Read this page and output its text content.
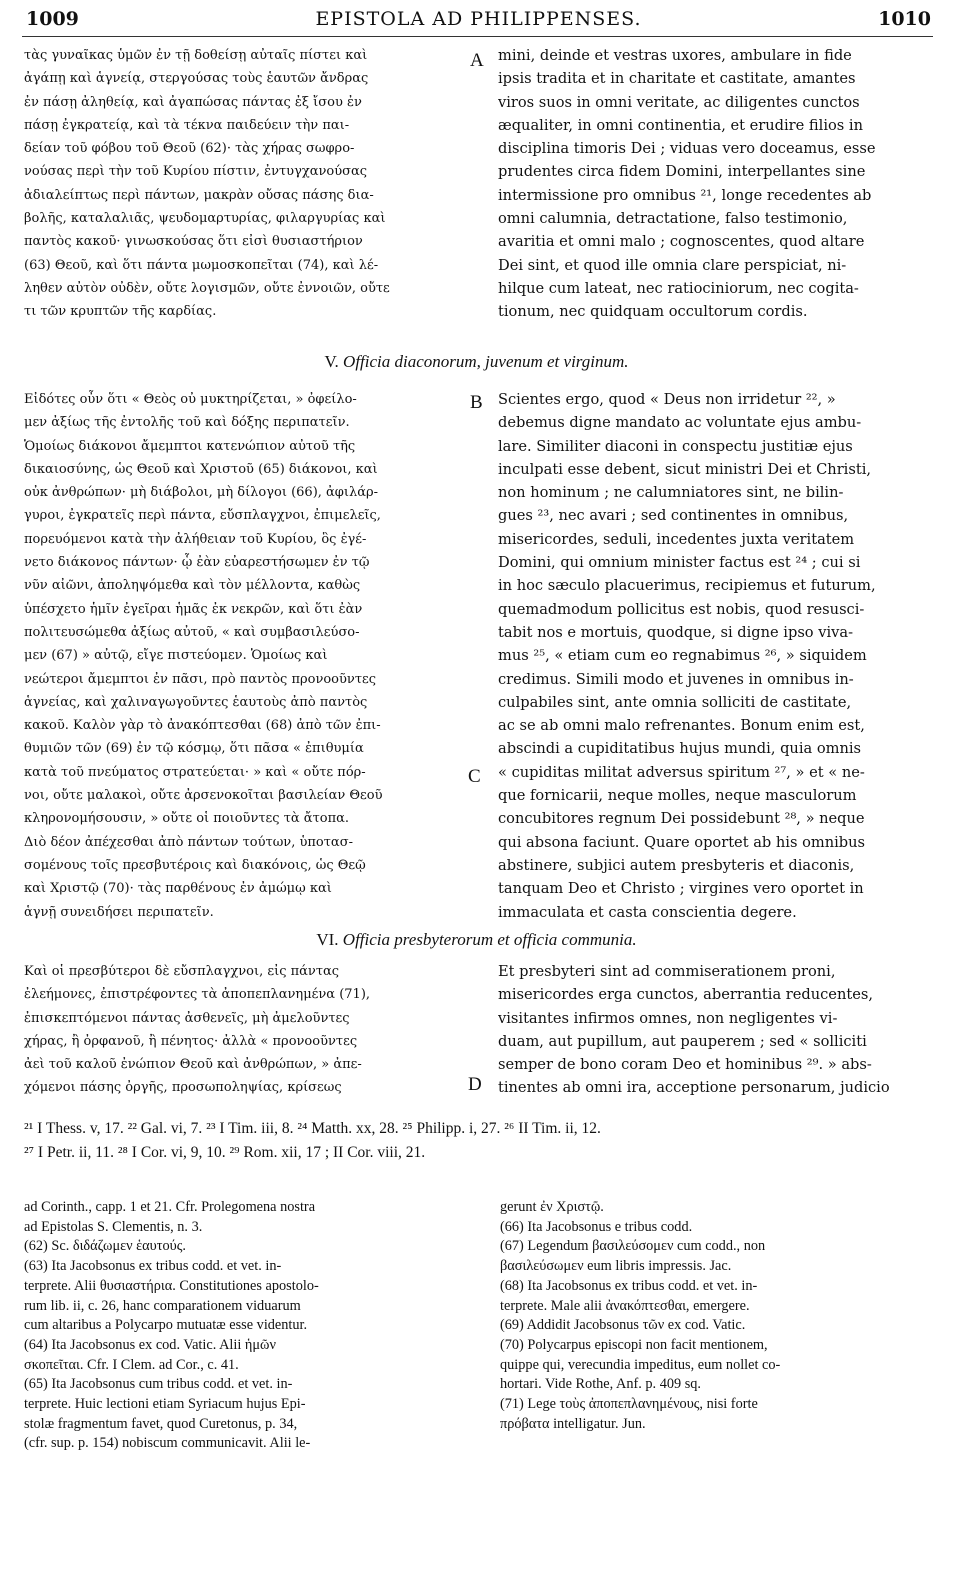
1009	EPISTOLA AD PHILIPPENSES.	1010
τὰς γυναῖκας ὑμῶν ἐν τῇ δοθείσῃ αὐταῖς πίστει καὶ
ἀγάπῃ καὶ ἁγνείᾳ, στεργούσας τοὺς ἑαυτῶν ἄνδρας
ἐν πάσῃ ἀληθείᾳ, καὶ ἀγαπώσας πάντας ἐξ ἴσου ἐν
πάσῃ ἐγκρατείᾳ, καὶ τὰ τέκνα παιδεύειν τὴν παι-
δείαν τοῦ φόβου τοῦ Θεοῦ (62)· τὰς χήρας σωφρο-
νούσας περὶ τὴν τοῦ Κυρίου πίστιν, ἐντυγχανούσας
ἀδιαλείπτως περὶ πάντων, μακρὰν οὔσας πάσης δια-
βολῆς, καταλαλιᾶς, ψευδομαρτυρίας, φιλαργυρίας καὶ
παντὸς κακοῦ· γινωσκούσας ὅτι εἰσὶ θυσιαστήριον
(63) Θεοῦ, καὶ ὅτι πάντα μωμοσκοπεῖται (74), καὶ λέ-
ληθεν αὐτὸν οὐδὲν, οὔτε λογισμῶν, οὔτε ἐννοιῶν, οὔτε
τι τῶν κρυπτῶν τῆς καρδίας.
mini, deinde et vestras uxores, ambulare in fide
ipsis tradita et in charitate et castitate, amantes
viros suos in omni veritate, ac diligentes cunctos
æqualiter, in omni continentia, et erudire filios in
disciplina timoris Dei ; viduas vero doceamus, esse
prudentes circa fidem Domini, interpellantes sine
intermissione pro omnibus ²¹, longe recedentes ab
omni calumnia, detractatione, falso testimonio,
avaritia et omni malo ; cognoscentes, quod altare
Dei sint, et quod ille omnia clare perspiciat, ni-
hilque cum lateat, nec ratiociniorum, nec cogita-
tionum, nec quidquam occultorum cordis.
A
V. Officia diaconorum, juvenum et virginum.
Εἰδότες οὖν ὅτι « Θεὸς οὐ μυκτηρίζεται, » ὀφείλο-
μεν ἀξίως τῆς ἐντολῆς τοῦ καὶ δόξης περιπατεῖν.
Ὁμοίως διάκονοι ἄμεμπτοι κατενώπιον αὐτοῦ τῆς
δικαιοσύνης, ὡς Θεοῦ καὶ Χριστοῦ (65) διάκονοι, καὶ
οὐκ ἀνθρώπων· μὴ διάβολοι, μὴ δίλογοι (66), ἀφιλάρ-
γυροι, ἐγκρατεῖς περὶ πάντα, εὔσπλαγχνοι, ἐπιμελεῖς,
πορευόμενοι κατὰ τὴν ἀλήθειαν τοῦ Κυρίου, ὃς ἐγέ-
νετο διάκονος πάντων· ᾧ ἐὰν εὐαρεστήσωμεν ἐν τῷ
νῦν αἰῶνι, ἀποληψόμεθα καὶ τὸν μέλλοντα, καθὼς
ὑπέσχετο ἡμῖν ἐγεῖραι ἡμᾶς ἐκ νεκρῶν, καὶ ὅτι ἐὰν
πολιτευσώμεθα ἀξίως αὐτοῦ, « καὶ συμβασιλεύσο-
μεν (67) » αὐτῷ, εἴγε πιστεύομεν. Ὁμοίως καὶ
νεώτεροι ἄμεμπτοι ἐν πᾶσι, πρὸ παντὸς προνοοῦντες
ἁγνείας, καὶ χαλιναγωγοῦντες ἑαυτοὺς ἀπὸ παντὸς
κακοῦ. Καλὸν γὰρ τὸ ἀνακόπτεσθαι (68) ἀπὸ τῶν ἐπι-
θυμιῶν τῶν (69) ἐν τῷ κόσμῳ, ὅτι πᾶσα « ἐπιθυμία
κατὰ τοῦ πνεύματος στρατεύεται· » καὶ « οὔτε πόρ-
νοι, οὔτε μαλακοὶ, οὔτε ἀρσενοκοῖται βασιλείαν Θεοῦ
κληρονομήσουσιν, » οὔτε οἱ ποιοῦντες τὰ ἄτοπα.
Διὸ δέον ἀπέχεσθαι ἀπὸ πάντων τούτων, ὑποτασ-
σομένους τοῖς πρεσβυτέροις καὶ διακόνοις, ὡς Θεῷ
καὶ Χριστῷ (70)· τὰς παρθένους ἐν ἀμώμῳ καὶ
ἁγνῇ συνειδήσει περιπατεῖν.
Scientes ergo, quod « Deus non irridetur ²², »
debemus digne mandato ac voluntate ejus ambu-
lare. Similiter diaconi in conspectu justitiæ ejus
inculpati esse debent, sicut ministri Dei et Christi,
non hominum ; ne calumniatores sint, ne bilin-
gues ²³, nec avari ; sed continentes in omnibus,
misericordes, seduli, incedentes juxta veritatem
Domini, qui omnium minister factus est ²⁴ ; cui si
in hoc sæculo placuerimus, recipiemus et futurum,
quemadmodum pollicitus est nobis, quod resusci-
tabit nos e mortuis, quodque, si digne ipso viva-
mus ²⁵, « etiam cum eo regnabimus ²⁶, » siquidem
credimus. Simili modo et juvenes in omnibus in-
culpabiles sint, ante omnia solliciti de castitate,
ac se ab omni malo refrenantes. Bonum enim est,
abscindi a cupiditatibus hujus mundi, quia omnis
« cupiditas militat adversus spiritum ²⁷, » et « ne-
que fornicarii, neque molles, neque masculorum
concubitores regnum Dei possidebunt ²⁸, » neque
qui absona faciunt. Quare oportet ab his omnibus
abstinere, subjici autem presbyteris et diaconis,
tanquam Deo et Christo ; virgines vero oportet in
immaculata et casta conscientia degere.
B
C
VI. Officia presbyterorum et officia communia.
Καὶ οἱ πρεσβύτεροι δὲ εὔσπλαγχνοι, εἰς πάντας
ἐλεήμονες, ἐπιστρέφοντες τὰ ἀποπεπλανημένα (71),
ἐπισκεπτόμενοι πάντας ἀσθενεῖς, μὴ ἀμελοῦντες
χήρας, ἢ ὀρφανοῦ, ἢ πένητος· ἀλλὰ « προνοοῦντες
ἀεὶ τοῦ καλοῦ ἐνώπιον Θεοῦ καὶ ἀνθρώπων, » ἀπε-
χόμενοι πάσης ὀργῆς, προσωποληψίας, κρίσεως
Et presbyteri sint ad commiserationem proni,
misericordes erga cunctos, aberrantia reducentes,
visitantes infirmos omnes, non negligentes vi-
duam, aut pupillum, aut pauperem ; sed « solliciti
semper de bono coram Deo et hominibus ²⁹. » abs-
tinentes ab omni ira, acceptione personarum, judicio
D
²¹ I Thess. v, 17. ²² Gal. vi, 7. ²³ I Tim. iii, 8. ²⁴ Matth. xx, 28. ²⁵ Philipp. i, 27. ²⁶ II Tim. ii, 12.
²⁷ I Petr. ii, 11. ²⁸ I Cor. vi, 9, 10. ²⁹ Rom. xii, 17 ; II Cor. viii, 21.
ad Corinth., capp. 1 et 21. Cfr. Prolegomena nostra
ad Epistolas S. Clementis, n. 3.
(62) Sc. διδάζωμεν ἑαυτούς.
(63) Ita Jacobsonus ex tribus codd. et vet. in-
terprete. Alii θυσιαστήρια. Constitutiones apostolo-
rum lib. ii, c. 26, hanc comparationem viduarum
cum altaribus a Polycarpo mutuatæ esse videntur.
(64) Ita Jacobsonus ex cod. Vatic. Alii ἡμῶν
σκοπεῖται. Cfr. I Clem. ad Cor., c. 41.
(65) Ita Jacobsonus cum tribus codd. et vet. in-
terprete. Huic lectioni etiam Syriacum hujus Epi-
stolæ fragmentum favet, quod Curetonus, p. 34,
(cfr. sup. p. 154) nobiscum communicavit. Alii le-
gerunt ἐν Χριστῷ.
(66) Ita Jacobsonus e tribus codd.
(67) Legendum βασιλεύσομεν cum codd., non
βασιλεύσωμεν eum libris impressis. Jac.
(68) Ita Jacobsonus ex tribus codd. et vet. in-
terprete. Male alii ἀνακόπτεσθαι, emergere.
(69) Addidit Jacobsonus τῶν ex cod. Vatic.
(70) Polycarpus episcopi non facit mentionem,
quippe qui, verecundia impeditus, eum nollet co-
hortari. Vide Rothe, Anf. p. 409 sq.
(71) Lege τοὺς ἀποπεπλανημένους, nisi forte
πρόβατα intelligatur. Jun.
